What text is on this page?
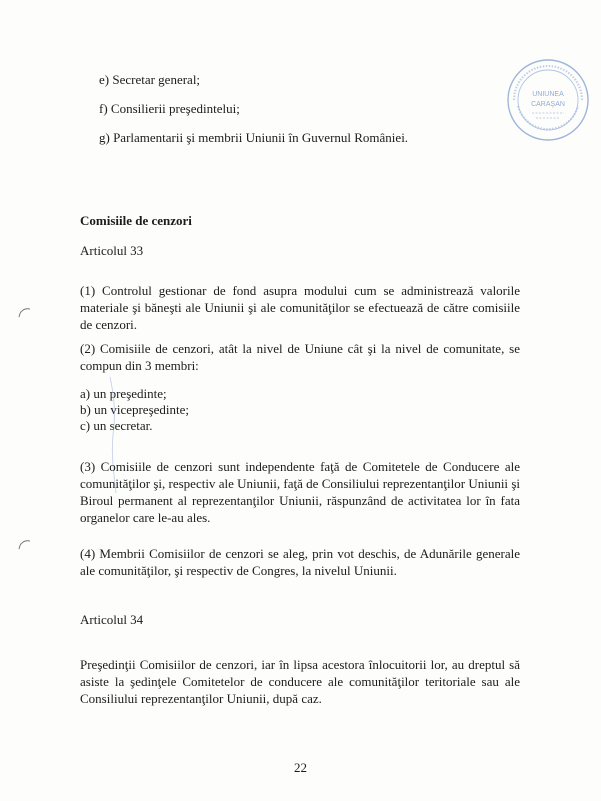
e) Secretar general;
f) Consilierii preşedintelui;
g) Parlamentarii şi membrii Uniunii în Guvernul României.
UNIUNEA
CARAŞAN
Comisiile de cenzori
Articolul 33
(1) Controlul gestionar de fond asupra modului cum se administrează valorile materiale şi băneşti ale Uniunii şi ale comunităţilor se efectuează de către comisiile de cenzori.
(2) Comisiile de cenzori, atât la nivel de Uniune cât şi la nivel de comunitate, se compun din 3 membri:
a) un preşedinte;
b) un vicepreşedinte;
c) un secretar.
(3) Comisiile de cenzori sunt independente faţă de Comitetele de Conducere ale comunităţilor şi, respectiv ale Uniunii, faţă de Consiliului reprezentanţilor Uniunii şi Biroul permanent al reprezentanţilor Uniunii, răspunzând de activitatea lor în fata organelor care le-au ales.
(4) Membrii Comisiilor de cenzori se aleg, prin vot deschis, de Adunările generale ale comunităţilor, şi respectiv de Congres, la nivelul Uniunii.
Articolul 34
Preşedinţii Comisiilor de cenzori, iar în lipsa acestora înlocuitorii lor, au dreptul să asiste la şedinţele Comitetelor de conducere ale comunităţilor teritoriale sau ale Consiliului reprezentanţilor Uniunii, după caz.
22
